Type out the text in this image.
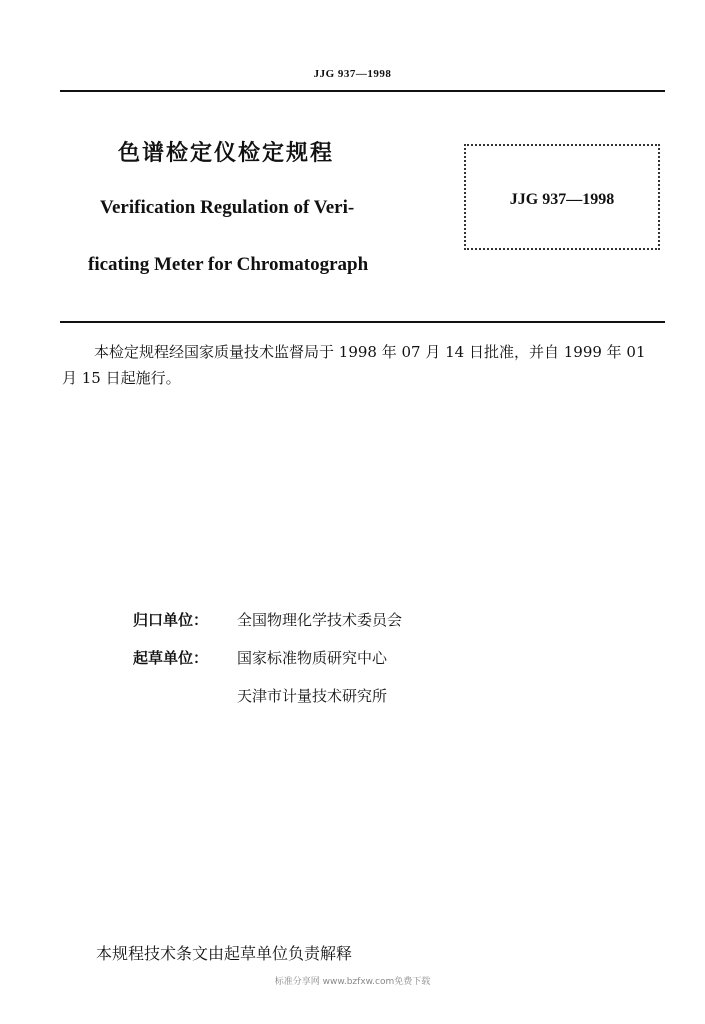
JJG 937—1998
色谱检定仪检定规程
Verification Regulation of Veri-
ficating Meter for Chromatograph
JJG 937—1998
本检定规程经国家质量技术监督局于 1998 年 07 月 14 日批准，并自 1999 年 01 月 15 日起施行。
归口单位： 全国物理化学技术委员会
起草单位： 国家标准物质研究中心
天津市计量技术研究所
本规程技术条文由起草单位负责解释
标准分享网 www.bzfxw.com免费下载
